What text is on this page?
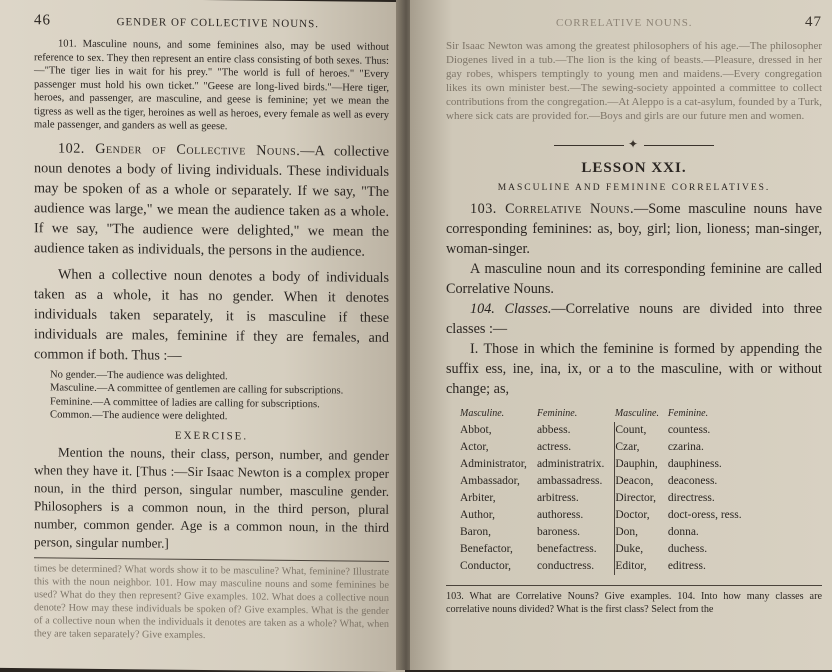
46	GENDER OF COLLECTIVE NOUNS.

101. Masculine nouns, and some feminines also, may be used without reference to sex. They then represent an entire class consisting of both sexes. Thus:—"The tiger lies in wait for his prey." "The world is full of heroes." "Every passenger must hold his own ticket." "Geese are long-lived birds."—Here tiger, heroes, and passenger, are masculine, and geese is feminine; yet we mean the tigress as well as the tiger, heroines as well as heroes, every female as well as every male passenger, and ganders as well as geese.

102. Gender of Collective Nouns.—A collective noun denotes a body of living individuals. These individuals may be spoken of as a whole or separately. If we say, "The audience was large," we mean the audience taken as a whole. If we say, "The audience were delighted," we mean the audience taken as individuals, the persons in the audience.

When a collective noun denotes a body of individuals taken as a whole, it has no gender. When it denotes individuals taken separately, it is masculine if these individuals are males, feminine if they are females, and common if both. Thus :—

No gender.—The audience was delighted.

Masculine.—A committee of gentlemen are calling for subscriptions.

Feminine.—A committee of ladies are calling for subscriptions.

Common.—The audience were delighted.

EXERCISE.

Mention the nouns, their class, person, number, and gender when they have it. [Thus :—Sir Isaac Newton is a complex proper noun, in the third person, singular number, masculine gender. Philosophers is a common noun, in the third person, plural number, common gender. Age is a common noun, in the third person, singular number.]

times be determined? What words show it to be masculine? What, feminine? Illustrate this with the noun neighbor. 101. How may masculine nouns and some feminines be used? What do they then represent? Give examples. 102. What does a collective noun denote? How may these individuals be spoken of? Give examples. What is the gender of a collective noun when the individuals it denotes are taken as a whole? What, when they are taken separately? Give examples.

CORRELATIVE NOUNS.	47

Sir Isaac Newton was among the greatest philosophers of his age.—The philosopher Diogenes lived in a tub.—The lion is the king of beasts.—Pleasure, dressed in her gay robes, whispers temptingly to young men and maidens.—Every congregation likes its own minister best.—The sewing-society appointed a committee to collect contributions from the congregation.—At Aleppo is a cat-asylum, founded by a Turk, where sick cats are provided for.—Boys and girls are our future men and women.

✦
LESSON XXI.
MASCULINE AND FEMININE CORRELATIVES.

103. Correlative Nouns.—Some masculine nouns have corresponding feminines: as, boy, girl; lion, lioness; man-singer, woman-singer.

A masculine noun and its corresponding feminine are called Correlative Nouns.

104. Classes.—Correlative nouns are divided into three classes :—

I. Those in which the feminine is formed by appending the suffix ess, ine, ina, ix, or a to the masculine, with or without change; as,

Masculine.	Feminine.	Masculine.	Feminine.
Abbot,	abbess.	Count,	countess.
Actor,	actress.	Czar,	czarina.
Administrator,	administratrix.	Dauphin,	dauphiness.
Ambassador,	ambassadress.	Deacon,	deaconess.
Arbiter,	arbitress.	Director,	directress.
Author,	authoress.	Doctor,	doct-oress, ress.
Baron,	baroness.	Don,	donna.
Benefactor,	benefactress.	Duke,	duchess.
Conductor,	conductress.	Editor,	editress.

103. What are Correlative Nouns? Give examples. 104. Into how many classes are correlative nouns divided? What is the first class? Select from the
